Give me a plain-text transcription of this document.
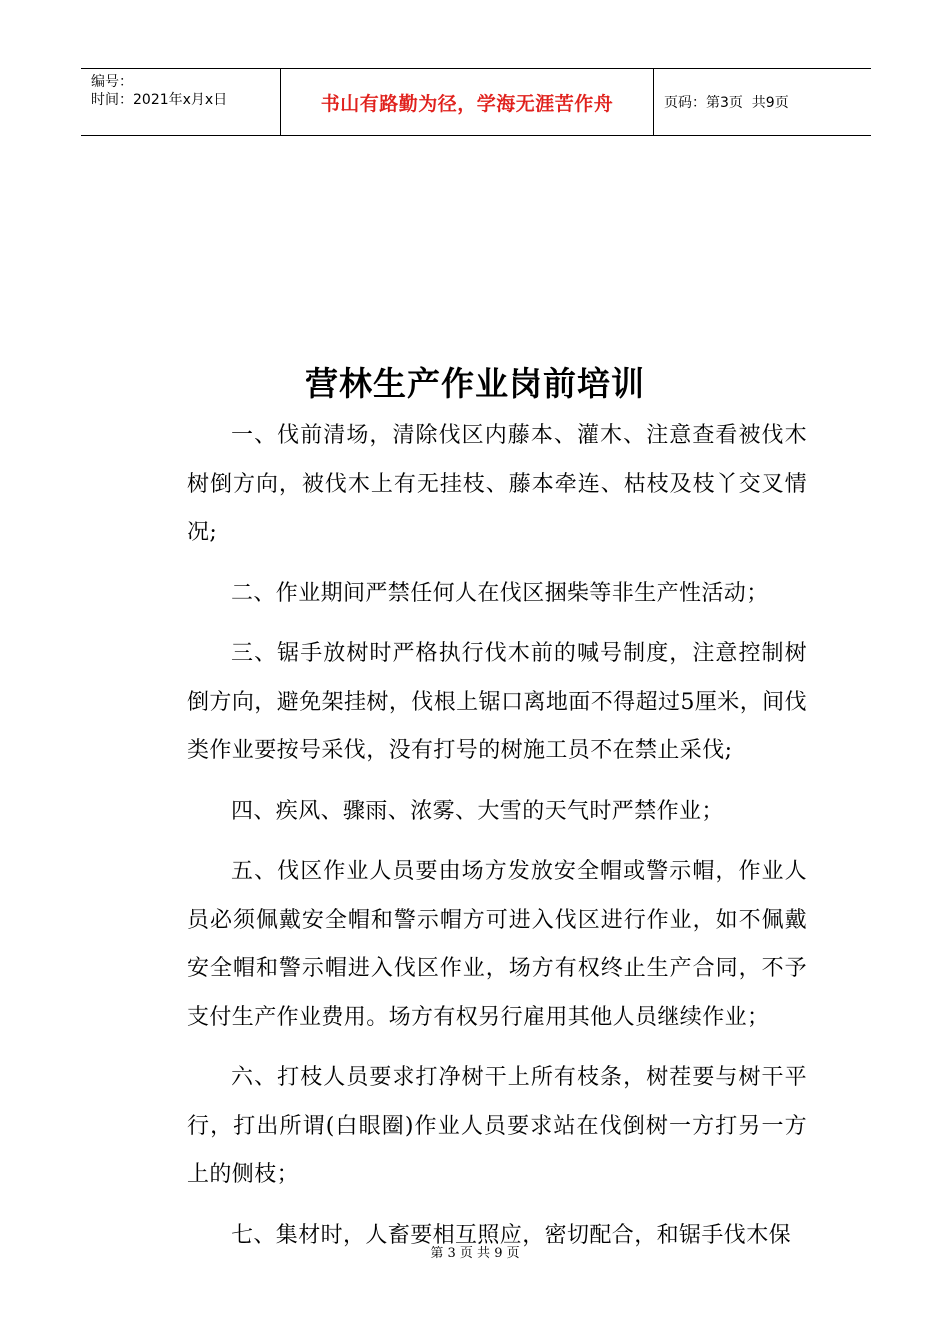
编号：
时间：2021年x月x日	书山有路勤为径，学海无涯苦作舟	页码：第3页  共9页
营林生产作业岗前培训

一、伐前清场，清除伐区内藤本、灌木、注意查看被伐木树倒方向，被伐木上有无挂枝、藤本牵连、枯枝及枝丫交叉情况;

二、作业期间严禁任何人在伐区捆柴等非生产性活动；

三、锯手放树时严格执行伐木前的喊号制度，注意控制树倒方向，避免架挂树，伐根上锯口离地面不得超过5厘米，间伐类作业要按号采伐，没有打号的树施工员不在禁止采伐;

四、疾风、骤雨、浓雾、大雪的天气时严禁作业；

五、伐区作业人员要由场方发放安全帽或警示帽，作业人员必须佩戴安全帽和警示帽方可进入伐区进行作业，如不佩戴安全帽和警示帽进入伐区作业，场方有权终止生产合同，不予支付生产作业费用。场方有权另行雇用其他人员继续作业；

六、打枝人员要求打净树干上所有枝条，树茬要与树干平行，打出所谓(白眼圈)作业人员要求站在伐倒树一方打另一方上的侧枝；

七、集材时，人畜要相互照应，密切配合，和锯手伐木保

第 3 页 共 9 页
